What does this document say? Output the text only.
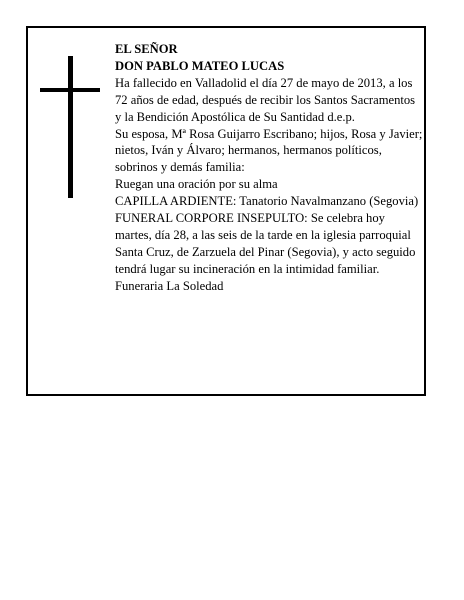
EL SEÑOR

DON PABLO MATEO LUCAS

Ha fallecido en Valladolid el día 27 de mayo de 2013, a los 72 años de edad, después de recibir los Santos Sacramentos y la Bendición Apostólica de Su Santidad d.e.p.

Su esposa, Mª Rosa Guijarro Escribano; hijos, Rosa y Javier; nietos, Iván y Álvaro; hermanos, hermanos políticos, sobrinos y demás familia:

Ruegan una oración por su alma

CAPILLA ARDIENTE: Tanatorio Navalmanzano (Segovia)

FUNERAL CORPORE INSEPULTO: Se celebra hoy martes, día 28, a las seis de la tarde en la iglesia parroquial Santa Cruz, de Zarzuela del Pinar (Segovia), y acto seguido tendrá lugar su incineración en la intimidad familiar.

Funeraria La Soledad
